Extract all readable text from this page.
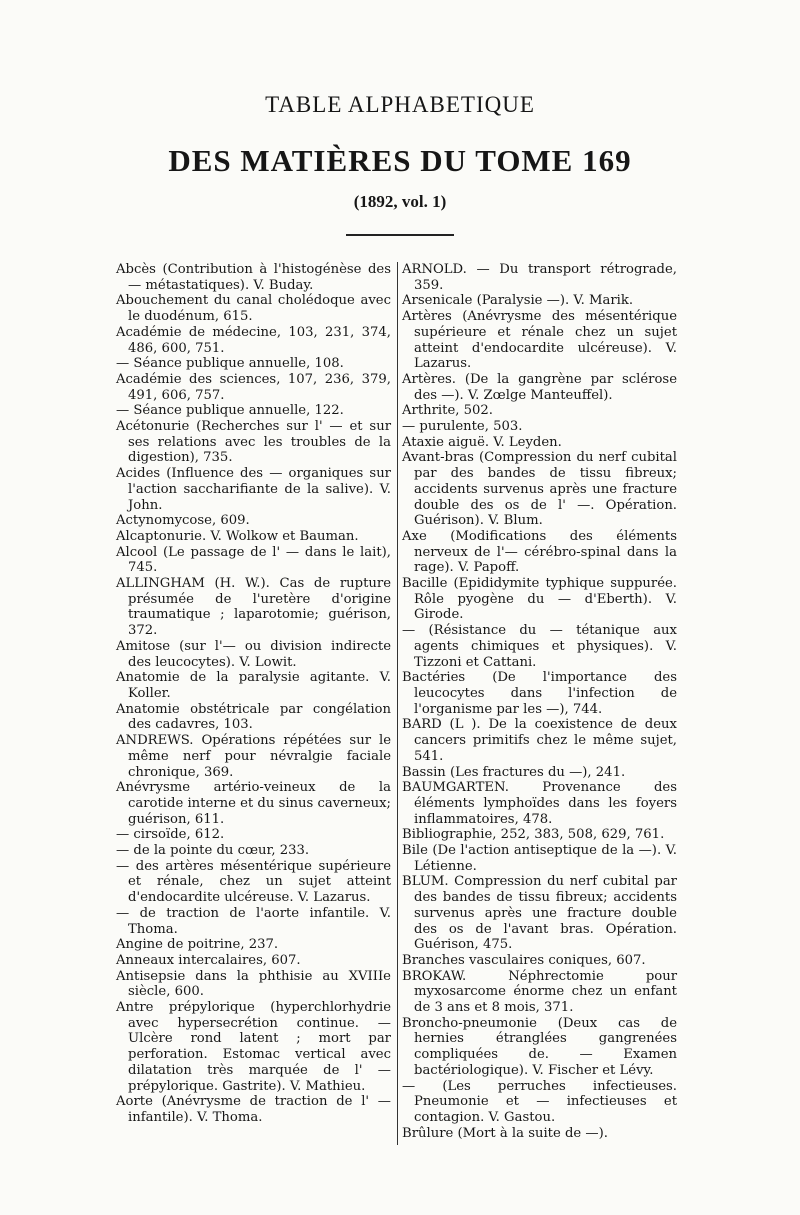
TABLE ALPHABETIQUE
DES MATIÈRES DU TOME 169
(1892, vol. 1)

Abcès (Contribution à l'histogénèse des — métastatiques). V. Buday.

Abouchement du canal cholédoque avec le duodénum, 615.

Académie de médecine, 103, 231, 374, 486, 600, 751.

— Séance publique annuelle, 108.

Académie des sciences, 107, 236, 379, 491, 606, 757.

— Séance publique annuelle, 122.

Acétonurie (Recherches sur l' — et sur ses relations avec les troubles de la digestion), 735.

Acides (Influence des — organiques sur l'action saccharifiante de la salive). V. John.

Actynomycose, 609.

Alcaptonurie. V. Wolkow et Bauman.

Alcool (Le passage de l' — dans le lait), 745.

ALLINGHAM (H. W.). Cas de rupture présumée de l'uretère d'origine traumatique ; laparotomie; guérison, 372.

Amitose (sur l'— ou division indirecte des leucocytes). V. Lowit.

Anatomie de la paralysie agitante. V. Koller.

Anatomie obstétricale par congélation des cadavres, 103.

ANDREWS. Opérations répétées sur le même nerf pour névralgie faciale chronique, 369.

Anévrysme artério-veineux de la carotide interne et du sinus caverneux; guérison, 611.

— cirsoïde, 612.

— de la pointe du cœur, 233.

— des artères mésentérique supérieure et rénale, chez un sujet atteint d'endocardite ulcéreuse. V. Lazarus.

— de traction de l'aorte infantile. V. Thoma.

Angine de poitrine, 237.

Anneaux intercalaires, 607.

Antisepsie dans la phthisie au XVIIIe siècle, 600.

Antre prépylorique (hyperchlorhydrie avec hypersecrétion continue. — Ulcère rond latent ; mort par perforation. Estomac vertical avec dilatation très marquée de l' — prépylorique. Gastrite). V. Mathieu.

Aorte (Anévrysme de traction de l' — infantile). V. Thoma.

ARNOLD. — Du transport rétrograde, 359.

Arsenicale (Paralysie —). V. Marik.

Artères (Anévrysme des mésentérique supérieure et rénale chez un sujet atteint d'endocardite ulcéreuse). V. Lazarus.

Artères. (De la gangrène par sclérose des —). V. Zœlge Manteuffel).

Arthrite, 502.

— purulente, 503.

Ataxie aiguë. V. Leyden.

Avant-bras (Compression du nerf cubital par des bandes de tissu fibreux; accidents survenus après une fracture double des os de l' —. Opération. Guérison). V. Blum.

Axe (Modifications des éléments nerveux de l'— cérébro-spinal dans la rage). V. Papoff.

Bacille (Epididymite typhique suppurée. Rôle pyogène du — d'Eberth). V. Girode.

— (Résistance du — tétanique aux agents chimiques et physiques). V. Tizzoni et Cattani.

Bactéries (De l'importance des leucocytes dans l'infection de l'organisme par les —), 744.

BARD (L ). De la coexistence de deux cancers primitifs chez le même sujet, 541.

Bassin (Les fractures du —), 241.

BAUMGARTEN. Provenance des éléments lymphoïdes dans les foyers inflammatoires, 478.

Bibliographie, 252, 383, 508, 629, 761.

Bile (De l'action antiseptique de la —). V. Létienne.

BLUM. Compression du nerf cubital par des bandes de tissu fibreux; accidents survenus après une fracture double des os de l'avant bras. Opération. Guérison, 475.

Branches vasculaires coniques, 607.

BROKAW. Néphrectomie pour myxosarcome énorme chez un enfant de 3 ans et 8 mois, 371.

Broncho-pneumonie (Deux cas de hernies étranglées gangrenées compliquées de. — Examen bactériologique). V. Fischer et Lévy.

— (Les perruches infectieuses. Pneumonie et — infectieuses et contagion. V. Gastou.

Brûlure (Mort à la suite de —).
